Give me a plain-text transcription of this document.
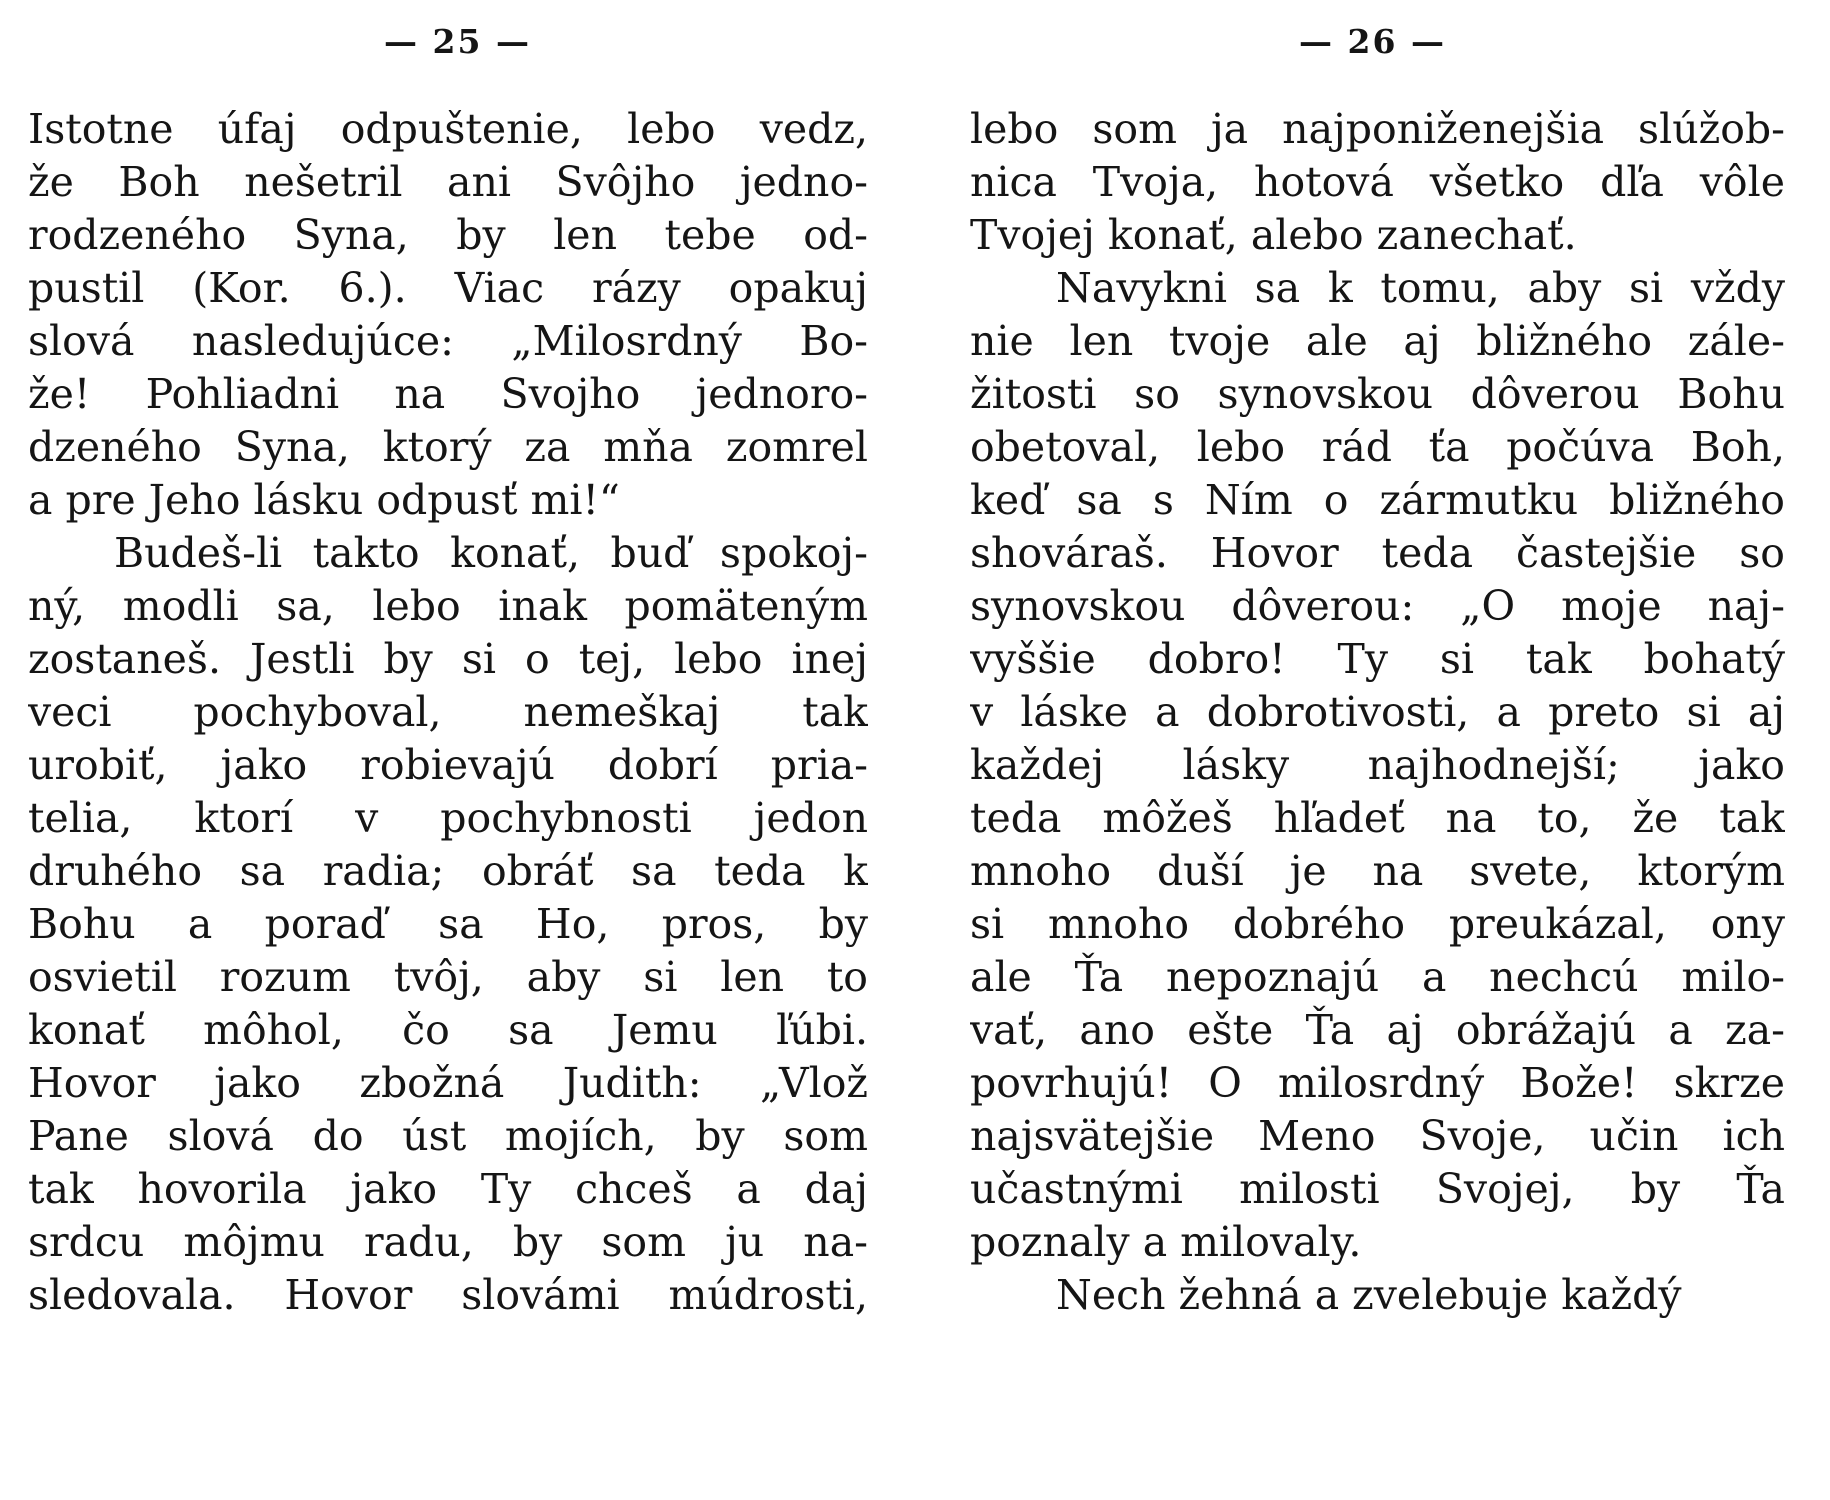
— 25 —
Istotne úfaj odpuštenie, lebo vedz,
že Boh nešetril ani Svôjho jedno-
rodzeného Syna, by len tebe od-
pustil (Kor. 6.). Viac rázy opakuj
slová nasledujúce: „Milosrdný Bo-
že! Pohliadni na Svojho jednoro-
dzeného Syna, ktorý za mňa zomrel
a pre Jeho lásku odpusť mi!“
Budeš-li takto konať, buď spokoj-
ný, modli sa, lebo inak pomäteným
zostaneš. Jestli by si o tej, lebo inej
veci pochyboval, nemeškaj tak
urobiť, jako robievajú dobrí pria-
telia, ktorí v pochybnosti jedon
druhého sa radia; obráť sa teda k
Bohu a poraď sa Ho, pros, by
osvietil rozum tvôj, aby si len to
konať môhol, čo sa Jemu ľúbi.
Hovor jako zbožná Judith: „Vlož
Pane slová do úst mojích, by som
tak hovorila jako Ty chceš a daj
srdcu môjmu radu, by som ju na-
sledovala. Hovor slovámi múdrosti,
— 26 —
lebo som ja najponiženejšia slúžob-
nica Tvoja, hotová všetko dľa vôle
Tvojej konať, alebo zanechať.
Navykni sa k tomu, aby si vždy
nie len tvoje ale aj bližného zále-
žitosti so synovskou dôverou Bohu
obetoval, lebo rád ťa počúva Boh,
keď sa s Ním o zármutku bližného
shováraš. Hovor teda častejšie so
synovskou dôverou: „O moje naj-
vyššie dobro! Ty si tak bohatý
v láske a dobrotivosti, a preto si aj
každej lásky najhodnejší; jako
teda môžeš hľadeť na to, že tak
mnoho duší je na svete, ktorým
si mnoho dobrého preukázal, ony
ale Ťa nepoznajú a nechcú milo-
vať, ano ešte Ťa aj obrážajú a za-
povrhujú! O milosrdný Bože! skrze
najsvätejšie Meno Svoje, učin ich
učastnými milosti Svojej, by Ťa
poznaly a milovaly.
Nech žehná a zvelebuje každý
